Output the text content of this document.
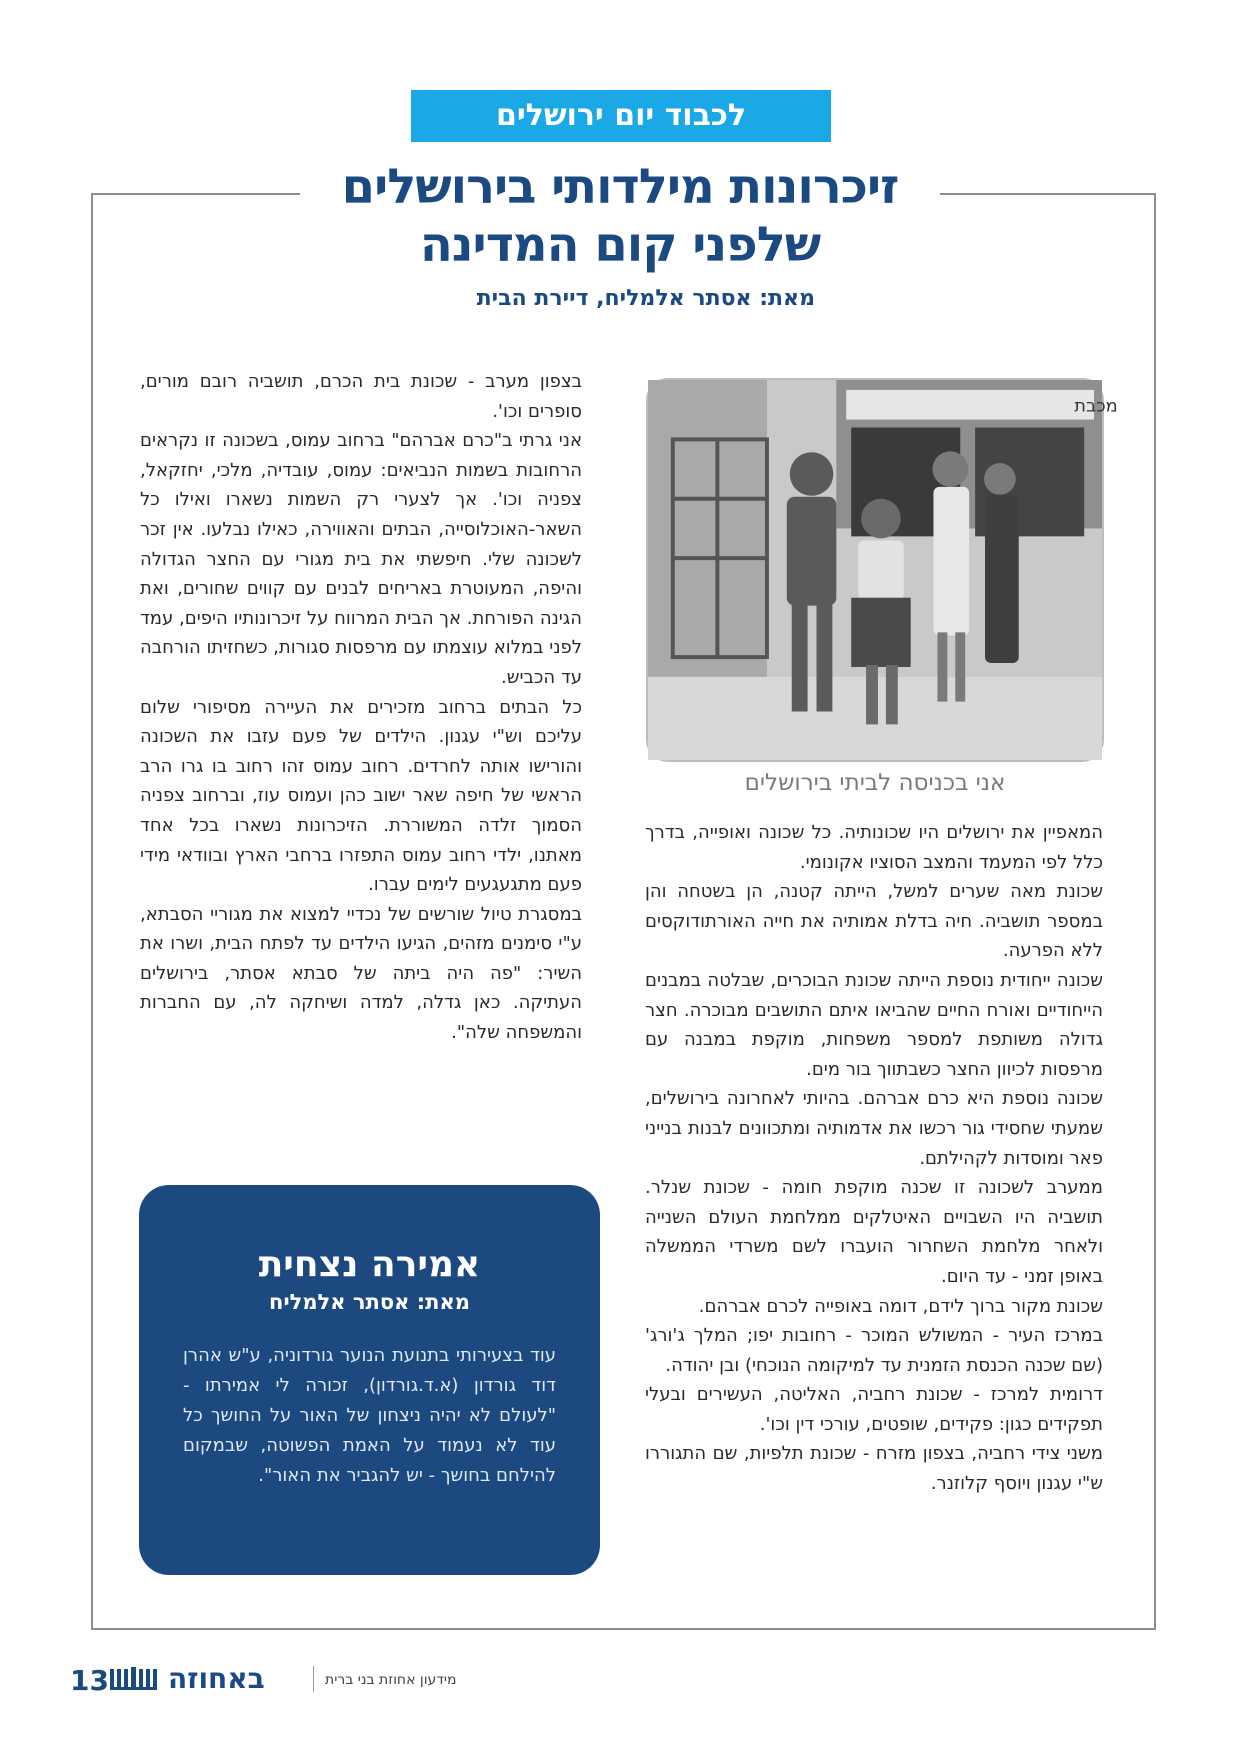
לכבוד יום ירושלים
זיכרונות מילדותי בירושלים
שלפני קום המדינה
מאת: אסתר אלמליח, דיירת הבית

בצפון מערב - שכונת בית הכרם, תושביה רובם מורים, סופרים וכו'.

אני גרתי ב"כרם אברהם" ברחוב עמוס, בשכונה זו נקראים הרחובות בשמות הנביאים: עמוס, עובדיה, מלכי, יחזקאל, צפניה וכו'. אך לצערי רק השמות נשארו ואילו כל השאר-האוכלוסייה, הבתים והאווירה, כאילו נבלעו. אין זכר לשכונה שלי. חיפשתי את בית מגורי עם החצר הגדולה והיפה, המעוטרת באריחים לבנים עם קווים שחורים, ואת הגינה הפורחת. אך הבית המרווח על זיכרונותיו היפים, עמד לפני במלוא עוצמתו עם מרפסות סגורות, כשחזיתו הורחבה עד הכביש.

כל הבתים ברחוב מזכירים את העיירה מסיפורי שלום עליכם וש"י עגנון. הילדים של פעם עזבו את השכונה והורישו אותה לחרדים. רחוב עמוס זהו רחוב בו גרו הרב הראשי של חיפה שאר ישוב כהן ועמוס עוז, וברחוב צפניה הסמוך זלדה המשוררת. הזיכרונות נשארו בכל אחד מאתנו, ילדי רחוב עמוס התפזרו ברחבי הארץ ובוודאי מידי פעם מתגעגעים לימים עברו.

במסגרת טיול שורשים של נכדיי למצוא את מגוריי הסבתא, ע"י סימנים מזהים, הגיעו הילדים עד לפתח הבית, ושרו את השיר: "פה היה ביתה של סבתא אסתר, בירושלים העתיקה. כאן גדלה, למדה ושיחקה לה, עם החברות והמשפחה שלה".

מכבת
אני בכניסה לביתי בירושלים

המאפיין את ירושלים היו שכונותיה. כל שכונה ואופייה, בדרך כלל לפי המעמד והמצב הסוציו אקונומי.

שכונת מאה שערים למשל, הייתה קטנה, הן בשטחה והן במספר תושביה. חיה בדלת אמותיה את חייה האורתודוקסים ללא הפרעה.

שכונה ייחודית נוספת הייתה שכונת הבוכרים, שבלטה במבנים הייחודיים ואורח החיים שהביאו איתם התושבים מבוכרה. חצר גדולה משותפת למספר משפחות, מוקפת במבנה עם מרפסות לכיוון החצר כשבתווך בור מים.

שכונה נוספת היא כרם אברהם. בהיותי לאחרונה בירושלים, שמעתי שחסידי גור רכשו את אדמותיה ומתכוונים לבנות בנייני פאר ומוסדות לקהילתם.

ממערב לשכונה זו שכנה מוקפת חומה - שכונת שנלר. תושביה היו השבויים האיטלקים ממלחמת העולם השנייה ולאחר מלחמת השחרור הועברו לשם משרדי הממשלה באופן זמני - עד היום.

שכונת מקור ברוך לידם, דומה באופייה לכרם אברהם.

במרכז העיר - המשולש המוכר - רחובות יפו; המלך ג'ורג' (שם שכנה הכנסת הזמנית עד למיקומה הנוכחי) ובן יהודה.

דרומית למרכז - שכונת רחביה, האליטה, העשירים ובעלי תפקידים כגון: פקידים, שופטים, עורכי דין וכו'.

משני צידי רחביה, בצפון מזרח - שכונת תלפיות, שם התגוררו ש"י עגנון ויוסף קלוזנר.

אמירה נצחית

מאת: אסתר אלמליח

עוד בצעירותי בתנועת הנוער גורדוניה, ע"ש אהרן דוד גורדון (א.ד.גורדון), זכורה לי אמירתו - "לעולם לא יהיה ניצחון של האור על החושך כל עוד לא נעמוד על האמת הפשוטה, שבמקום להילחם בחושך - יש להגביר את האור".

13 באחוזה	מידעון אחוזת בני ברית
